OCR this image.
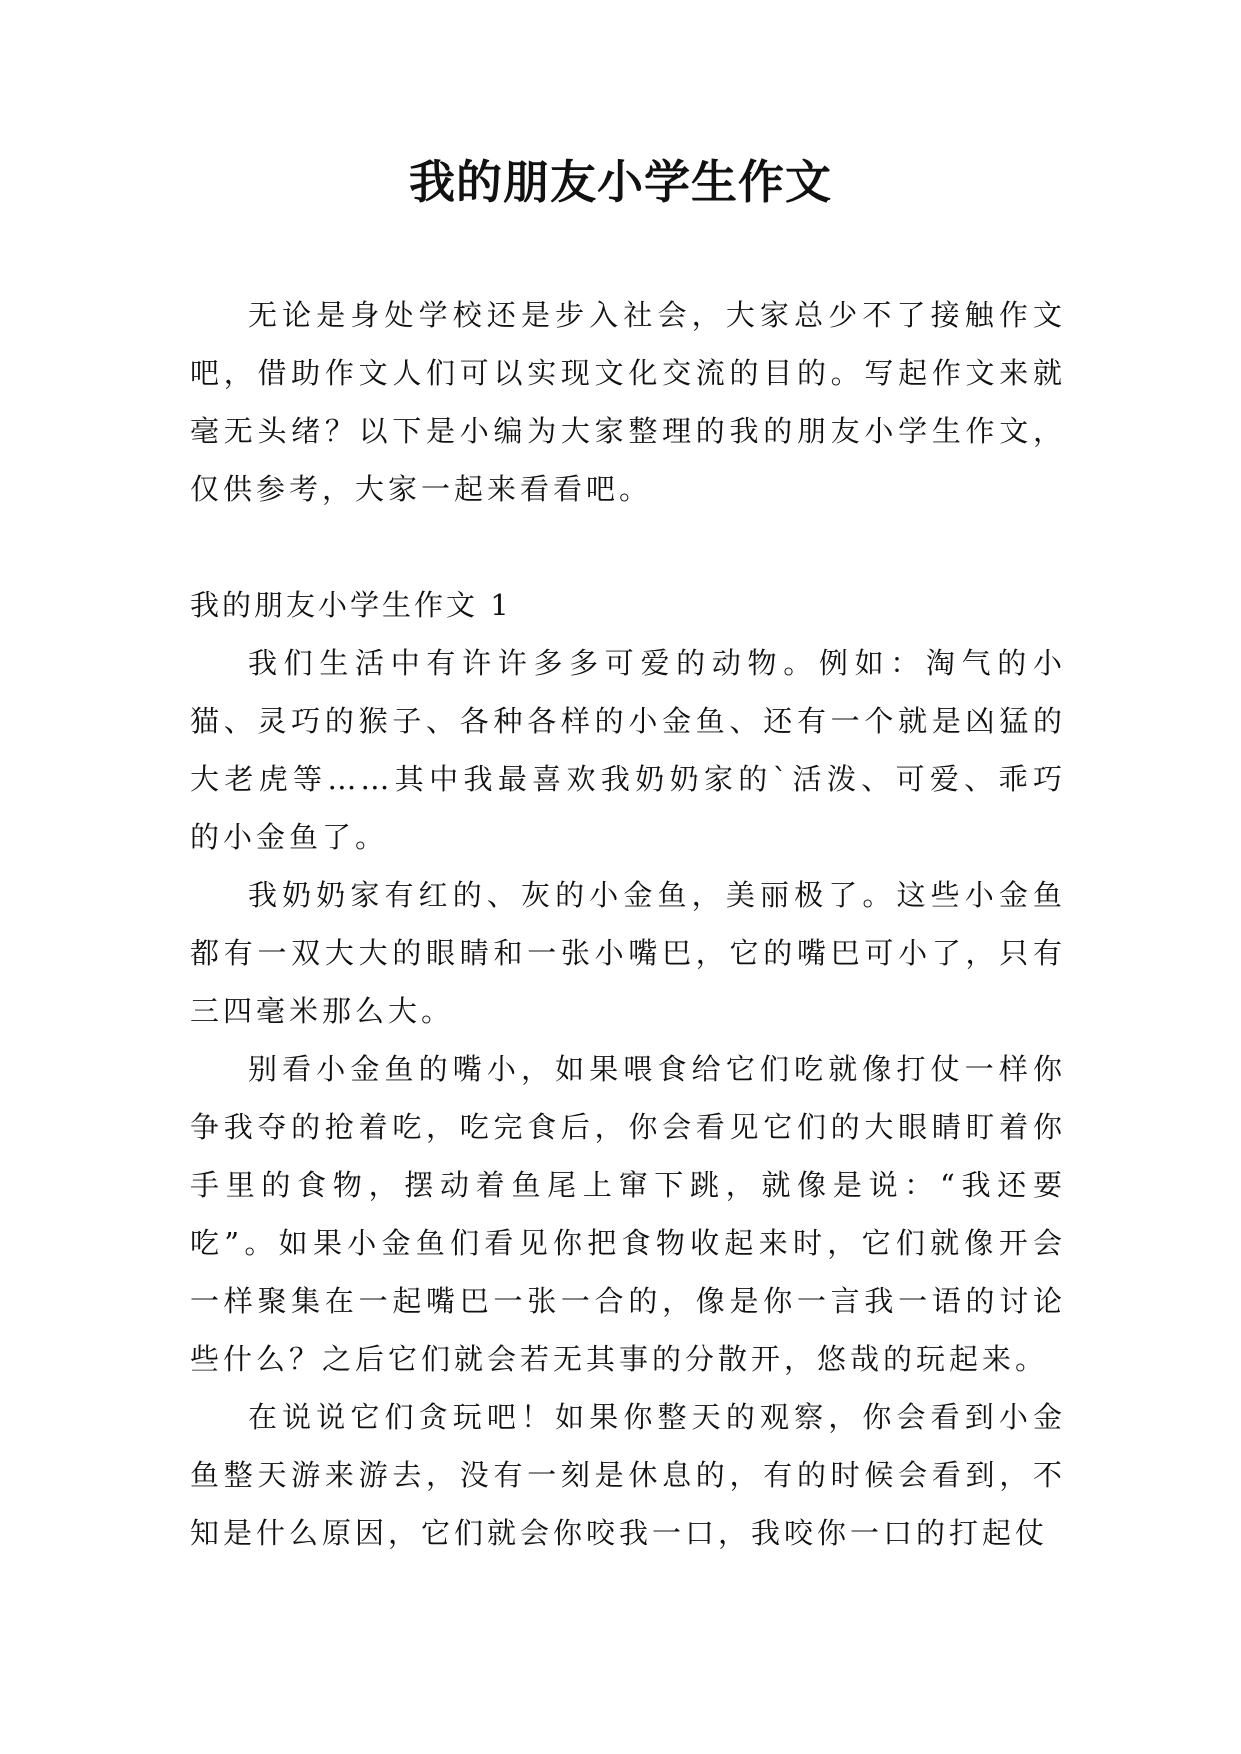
我的朋友小学生作文

无论是身处学校还是步入社会，大家总少不了接触作文吧，借助作文人们可以实现文化交流的目的。写起作文来就毫无头绪？以下是小编为大家整理的我的朋友小学生作文，仅供参考，大家一起来看看吧。

我的朋友小学生作文 1

我们生活中有许许多多可爱的动物。例如：淘气的小猫、灵巧的猴子、各种各样的小金鱼、还有一个就是凶猛的大老虎等……其中我最喜欢我奶奶家的`活泼、可爱、乖巧的小金鱼了。

我奶奶家有红的、灰的小金鱼，美丽极了。这些小金鱼都有一双大大的眼睛和一张小嘴巴，它的嘴巴可小了，只有三四毫米那么大。

别看小金鱼的嘴小，如果喂食给它们吃就像打仗一样你争我夺的抢着吃，吃完食后，你会看见它们的大眼睛盯着你手里的食物，摆动着鱼尾上窜下跳，就像是说：“我还要吃”。如果小金鱼们看见你把食物收起来时，它们就像开会一样聚集在一起嘴巴一张一合的，像是你一言我一语的讨论些什么？之后它们就会若无其事的分散开，悠哉的玩起来。

在说说它们贪玩吧！如果你整天的观察，你会看到小金鱼整天游来游去，没有一刻是休息的，有的时候会看到，不知是什么原因，它们就会你咬我一口，我咬你一口的打起仗
